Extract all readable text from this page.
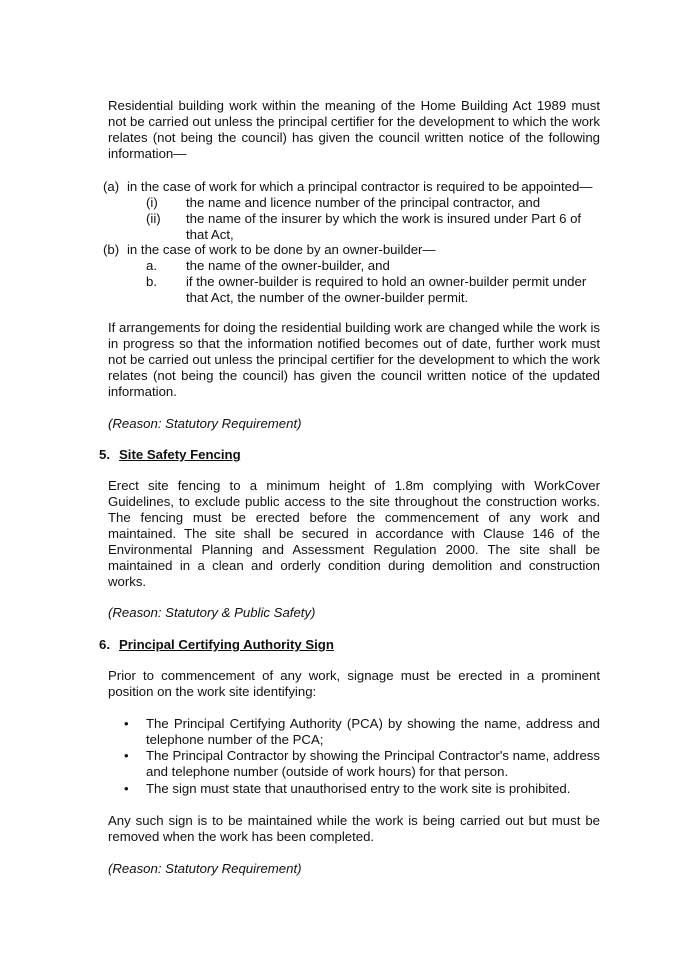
Residential building work within the meaning of the Home Building Act 1989 must not be carried out unless the principal certifier for the development to which the work relates (not being the council) has given the council written notice of the following information—

(a) in the case of work for which a principal contractor is required to be appointed—
(i) the name and licence number of the principal contractor, and
(ii) the name of the insurer by which the work is insured under Part 6 of
that Act,
(b) in the case of work to be done by an owner-builder—
a. the name of the owner-builder, and
b. if the owner-builder is required to hold an owner-builder permit under
that Act, the number of the owner-builder permit.

If arrangements for doing the residential building work are changed while the work is in progress so that the information notified becomes out of date, further work must not be carried out unless the principal certifier for the development to which the work relates (not being the council) has given the council written notice of the updated information.

(Reason: Statutory Requirement)

5. Site Safety Fencing

Erect site fencing to a minimum height of 1.8m complying with WorkCover Guidelines, to exclude public access to the site throughout the construction works. The fencing must be erected before the commencement of any work and maintained. The site shall be secured in accordance with Clause 146 of the Environmental Planning and Assessment Regulation 2000. The site shall be maintained in a clean and orderly condition during demolition and construction works.

(Reason: Statutory & Public Safety)

6. Principal Certifying Authority Sign

Prior to commencement of any work, signage must be erected in a prominent position on the work site identifying:

• The Principal Certifying Authority (PCA) by showing the name, address and telephone number of the PCA;

• The Principal Contractor by showing the Principal Contractor's name, address and telephone number (outside of work hours) for that person.

• The sign must state that unauthorised entry to the work site is prohibited.

Any such sign is to be maintained while the work is being carried out but must be removed when the work has been completed.

(Reason: Statutory Requirement)
